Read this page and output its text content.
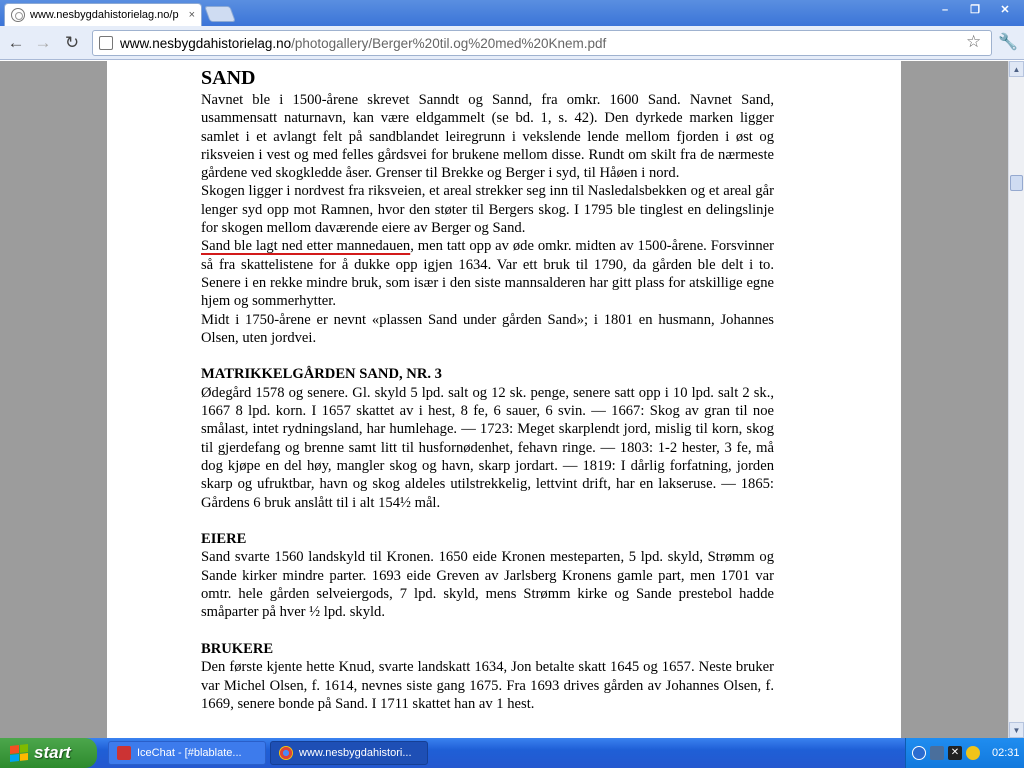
www.nesbygdahistorielag.no/p ×	–	❐	✕
← → ↻	www.nesbygdahistorielag.no/photogallery/Berger%20til.og%20med%20Knem.pdf	☆ 🔧
SAND

Navnet ble i 1500-årene skrevet Sanndt og Sannd, fra omkr. 1600 Sand. Navnet Sand, usammensatt naturnavn, kan være eldgammelt (se bd. 1, s. 42). Den dyrkede marken ligger samlet i et avlangt felt på sandblandet leiregrunn i vekslende lende mellom fjorden i øst og riksveien i vest og med felles gårdsvei for brukene mellom disse. Rundt om skilt fra de nærmeste gårdene ved skogkledde åser. Grenser til Brekke og Berger i syd, til Håøen i nord.

Skogen ligger i nordvest fra riksveien, et areal strekker seg inn til Nasledalsbekken og et areal går lenger syd opp mot Ramnen, hvor den støter til Bergers skog. I 1795 ble tinglest en delingslinje for skogen mellom daværende eiere av Berger og Sand.

Sand ble lagt ned etter mannedauen, men tatt opp av øde omkr. midten av 1500-årene. Forsvinner så fra skattelistene for å dukke opp igjen 1634. Var ett bruk til 1790, da gården ble delt i to. Senere i en rekke mindre bruk, som især i den siste mannsalderen har gitt plass for atskillige egne hjem og sommerhytter.

Midt i 1750-årene er nevnt «plassen Sand under gården Sand»; i 1801 en husmann, Johannes Olsen, uten jordvei.

MATRIKKELGÅRDEN SAND, NR. 3

Ødegård 1578 og senere. Gl. skyld 5 lpd. salt og 12 sk. penge, senere satt opp i 10 lpd. salt 2 sk., 1667 8 lpd. korn. I 1657 skattet av i hest, 8 fe, 6 sauer, 6 svin. — 1667: Skog av gran til noe smålast, intet rydningsland, har humlehage. — 1723: Meget skarplendt jord, mislig til korn, skog til gjerdefang og brenne samt litt til husfornødenhet, fehavn ringe. — 1803: 1-2 hester, 3 fe, må dog kjøpe en del høy, mangler skog og havn, skarp jordart. — 1819: I dårlig forfatning, jorden skarp og ufruktbar, havn og skog aldeles utilstrekkelig, lettvint drift, har en lakseruse. — 1865: Gårdens 6 bruk anslått til i alt 154½ mål.

EIERE

Sand svarte 1560 landskyld til Kronen. 1650 eide Kronen mesteparten, 5 lpd. skyld, Strømm og Sande kirker mindre parter. 1693 eide Greven av Jarlsberg Kronens gamle part, men 1701 var omtr. hele gården selveiergods, 7 lpd. skyld, mens Strømm kirke og Sande prestebol hadde småparter på hver ½ lpd. skyld.

BRUKERE

Den første kjente hette Knud, svarte landskatt 1634, Jon betalte skatt 1645 og 1657. Neste bruker var Michel Olsen, f. 1614, nevnes siste gang 1675. Fra 1693 drives gården av Johannes Olsen, f. 1669, senere bonde på Sand. I 1711 skattet han av 1 hest.

▲
▼
start	IceChat - [#blablate...	www.nesbygdahistori...	✕	02:31
